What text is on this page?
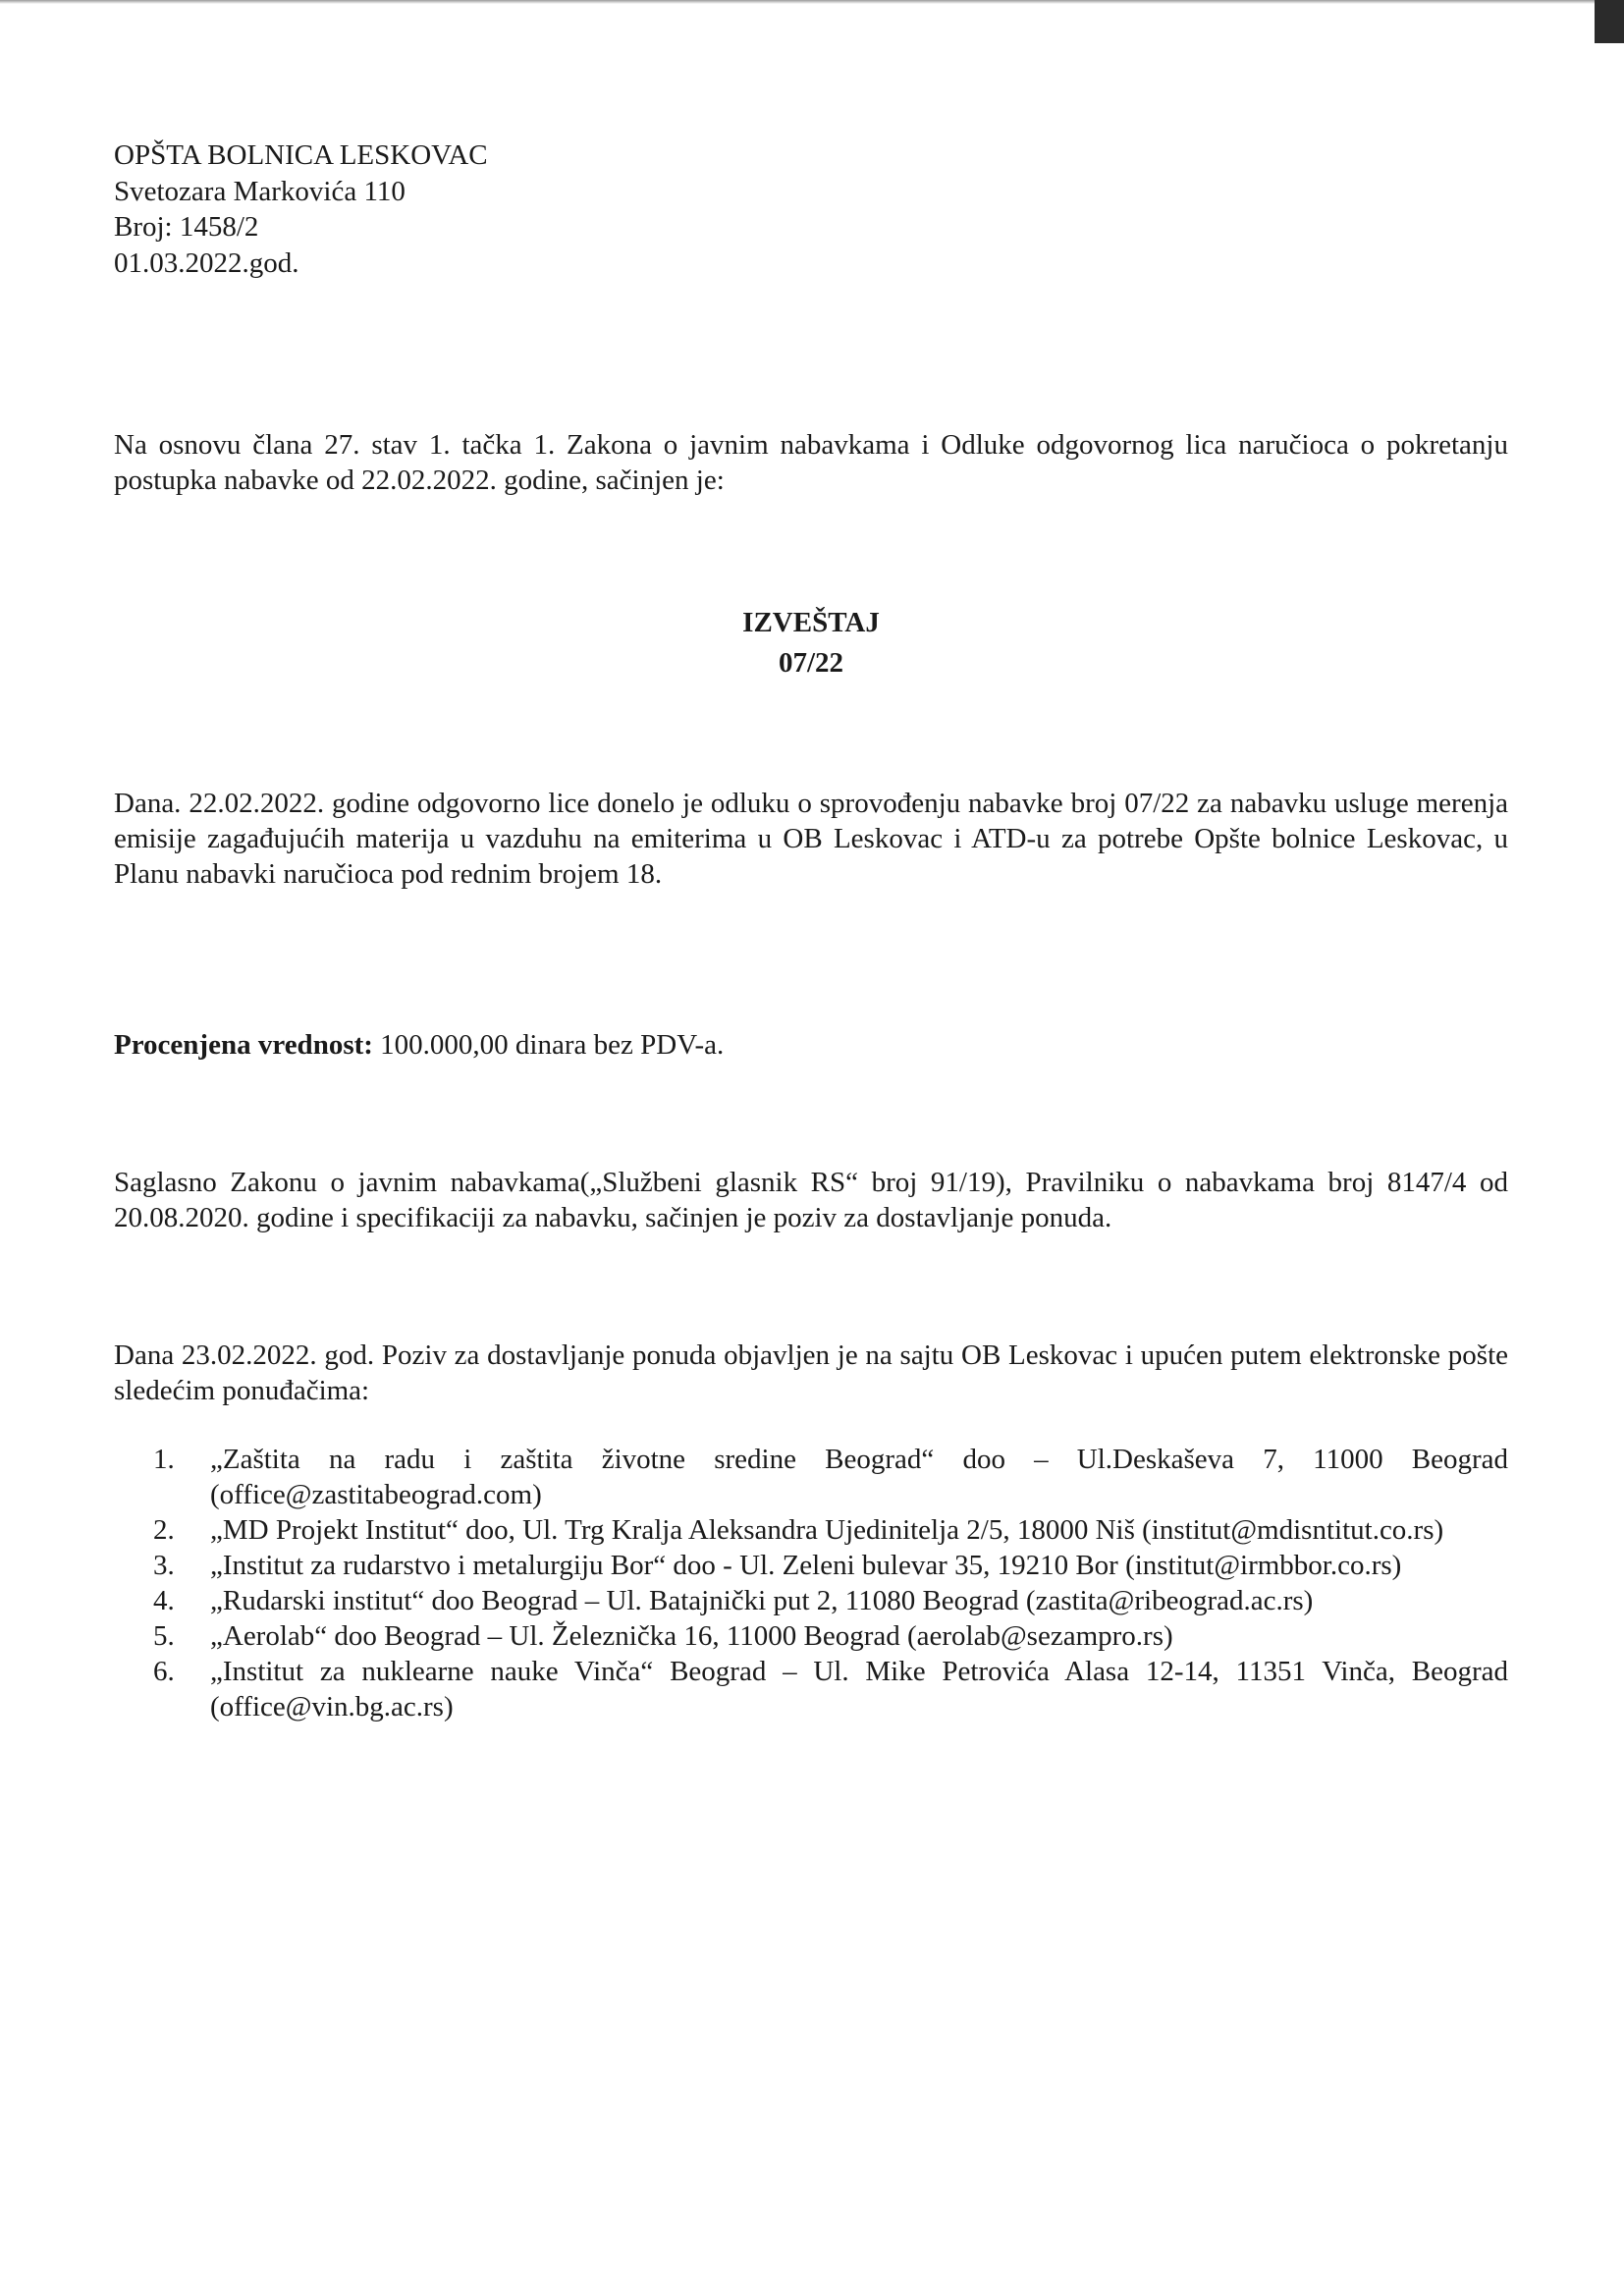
OPŠTA BOLNICA LESKOVAC
Svetozara Markovića 110
Broj: 1458/2
01.03.2022.god.

Na osnovu člana 27. stav 1. tačka 1. Zakona o javnim nabavkama i Odluke odgovornog lica naručioca o pokretanju postupka nabavke od 22.02.2022. godine, sačinjen je:

IZVEŠTAJ
07/22

Dana. 22.02.2022. godine odgovorno lice donelo je odluku o sprovođenju nabavke broj 07/22 za nabavku usluge merenja emisije zagađujućih materija u vazduhu na emiterima u OB Leskovac i ATD-u za potrebe Opšte bolnice Leskovac, u Planu nabavki naručioca pod rednim brojem 18.

Procenjena vrednost: 100.000,00 dinara bez PDV-a.

Saglasno Zakonu o javnim nabavkama(„Službeni glasnik RS“ broj 91/19), Pravilniku o nabavkama broj 8147/4 od 20.08.2020. godine i specifikaciji za nabavku, sačinjen je poziv za dostavljanje ponuda.

Dana 23.02.2022. god. Poziv za dostavljanje ponuda objavljen je na sajtu OB Leskovac i upućen putem elektronske pošte sledećim ponuđačima:

1. „Zaštita na radu i zaštita životne sredine Beograd“ doo – Ul.Deskaševa 7, 11000 Beograd (office@zastitabeograd.com)
2. „MD Projekt Institut“ doo, Ul. Trg Kralja Aleksandra Ujedinitelja 2/5, 18000 Niš (institut@mdisntitut.co.rs)
3. „Institut za rudarstvo i metalurgiju Bor“ doo - Ul. Zeleni bulevar 35, 19210 Bor (institut@irmbbor.co.rs)
4. „Rudarski institut“ doo Beograd – Ul. Batajnički put 2, 11080 Beograd (zastita@ribeograd.ac.rs)
5. „Aerolab“ doo Beograd – Ul. Železnička 16, 11000 Beograd (aerolab@sezampro.rs)
6. „Institut za nuklearne nauke Vinča“ Beograd – Ul. Mike Petrovića Alasa 12-14, 11351 Vinča, Beograd (office@vin.bg.ac.rs)
